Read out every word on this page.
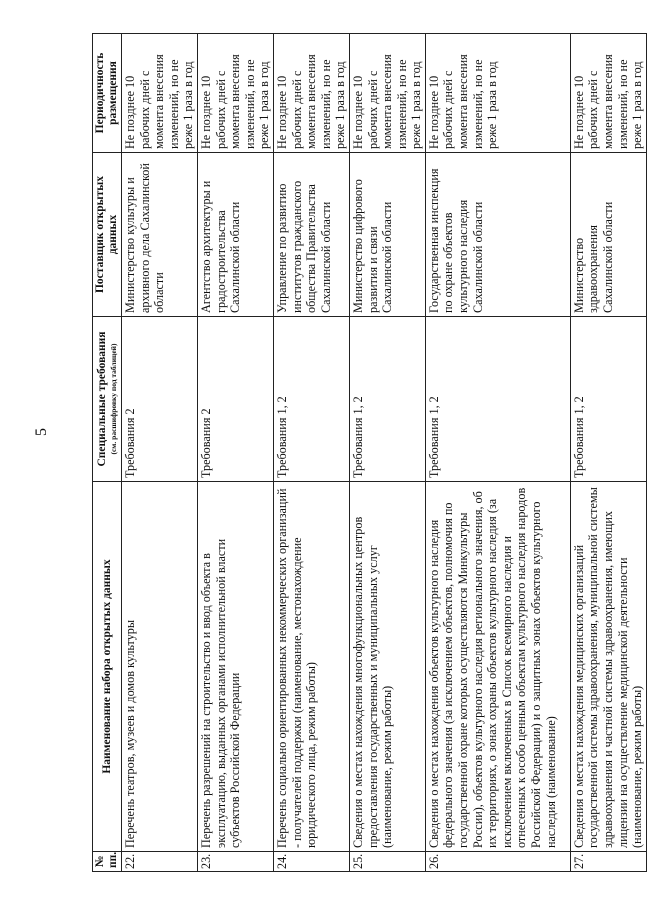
5
№ пп.	Наименование набора открытых данных	Специальные требования (см. расшифровку под таблицей)	Поставщик открытых данных	Периодичность размещения
22.	Перечень театров, музеев и домов культуры	Требования 2	Министерство культуры и архивного дела Сахалинской области	Не позднее 10 рабочих дней с момента внесения изменений, но не реже 1 раза в год
23.	Перечень разрешений на строительство и ввод объекта в эксплуатацию, выданных органами исполнительной власти субъектов Российской Федерации	Требования 2	Агентство архитектуры и градостроительства Сахалинской области	Не позднее 10 рабочих дней с момента внесения изменений, но не реже 1 раза в год
24.	Перечень социально ориентированных некоммерческих организаций - получателей поддержки (наименование, местонахождение юридического лица, режим работы)	Требования 1, 2	Управление по развитию институтов гражданского общества Правительства Сахалинской области	Не позднее 10 рабочих дней с момента внесения изменений, но не реже 1 раза в год
25.	Сведения о местах нахождения многофункциональных центров предоставления государственных и муниципальных услуг (наименование, режим работы)	Требования 1, 2	Министерство цифрового развития и связи Сахалинской области	Не позднее 10 рабочих дней с момента внесения изменений, но не реже 1 раза в год
26.	Сведения о местах нахождения объектов культурного наследия федерального значения (за исключением объектов, полномочия по государственной охране которых осуществляются Минкультуры России), объектов культурного наследия регионального значения, об их территориях, о зонах охраны объектов культурного наследия (за исключением включенных в Список всемирного наследия и отнесенных к особо ценным объектам культурного наследия народов Российской Федерации) и о защитных зонах объектов культурного наследия (наименование)	Требования 1, 2	Государственная инспекция по охране объектов культурного наследия Сахалинской области	Не позднее 10 рабочих дней с момента внесения изменений, но не реже 1 раза в год
27.	Сведения о местах нахождения медицинских организаций государственной системы здравоохранения, муниципальной системы здравоохранения и частной системы здравоохранения, имеющих лицензии на осуществление медицинской деятельности (наименование, режим работы)	Требования 1, 2	Министерство здравоохранения Сахалинской области	Не позднее 10 рабочих дней с момента внесения изменений, но не реже 1 раза в год
